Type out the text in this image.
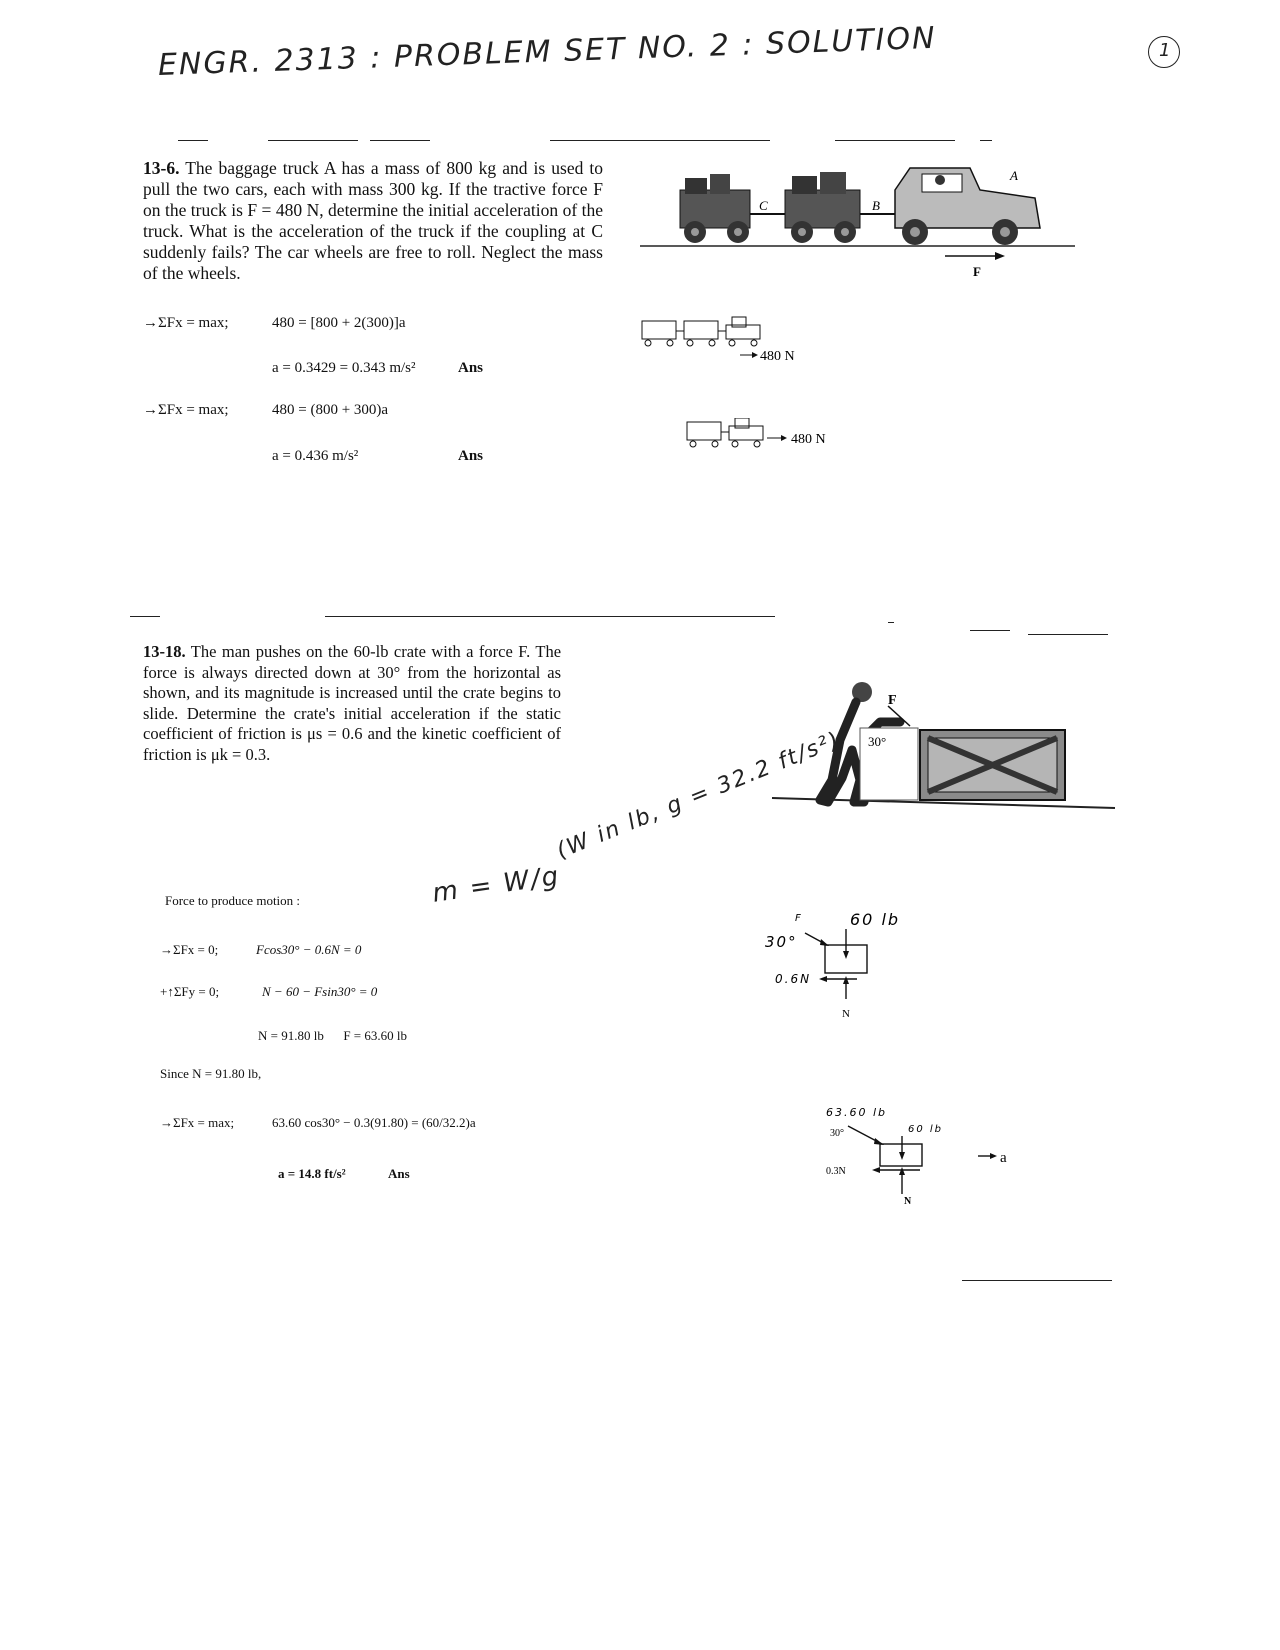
ENGR. 2313 : PROBLEM SET NO. 2 : SOLUTION	1
13-6. The baggage truck A has a mass of 800 kg and is used to pull the two cars, each with mass 300 kg. If the tractive force F on the truck is F = 480 N, determine the initial acceleration of the truck. What is the acceleration of the truck if the coupling at C suddenly fails? The car wheels are free to roll. Neglect the mass of the wheels.
C	B
A
F
→ΣFx = max;	480 = [800 + 2(300)]a
a = 0.3429 = 0.343 m/s²	Ans
→ΣFx = max;	480 = (800 + 300)a
a = 0.436 m/s²	Ans
480 N
480 N
13-18. The man pushes on the 60-lb crate with a force F. The force is always directed down at 30° from the horizontal as shown, and its magnitude is increased until the crate begins to slide. Determine the crate's initial acceleration if the static coefficient of friction is μs = 0.6 and the kinetic coefficient of friction is μk = 0.3.
F
30°
m = W/g
(W in lb, g = 32.2 ft/s²)
Force to produce motion :
→ΣFx = 0;	Fcos30° − 0.6N = 0
+↑ΣFy = 0;	N − 60 − Fsin30° = 0
N = 91.80 lb      F = 63.60 lb
Since N = 91.80 lb,
→ΣFx = max;	63.60 cos30° − 0.3(91.80) = (60/32.2)a
a = 14.8 ft/s²	Ans
F
30°
60 lb
0.6N
N
63.60 lb
30°	60 lb
0.3N
N
a
